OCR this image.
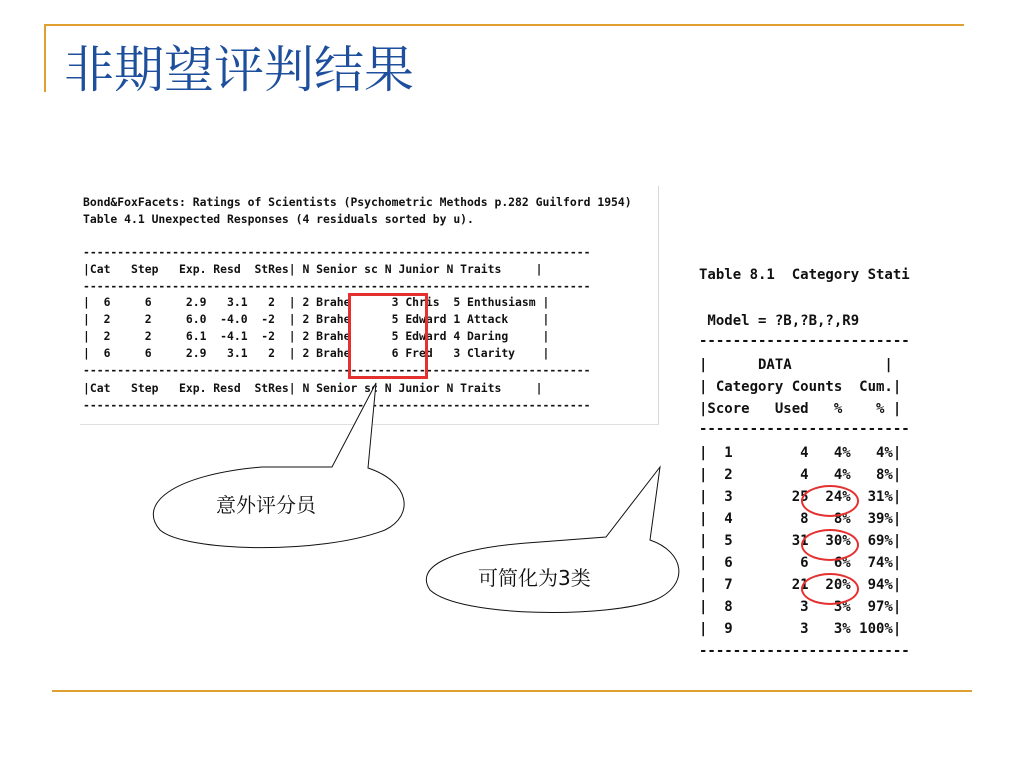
非期望评判结果
Bond&FoxFacets: Ratings of Scientists (Psychometric Methods p.282 Guilford 1954)
Table 4.1 Unexpected Responses (4 residuals sorted by u).
--------------------------------------------------------------------------
|Cat   Step   Exp. Resd  StRes| N Senior sc N Junior N Traits     |
--------------------------------------------------------------------------
|  6     6     2.9   3.1   2  | 2 Brahe      3 Chris  5 Enthusiasm |
|  2     2     6.0  -4.0  -2  | 2 Brahe      5 Edward 1 Attack     |
|  2     2     6.1  -4.1  -2  | 2 Brahe      5 Edward 4 Daring     |
|  6     6     2.9   3.1   2  | 2 Brahe      6 Fred   3 Clarity    |
--------------------------------------------------------------------------
|Cat   Step   Exp. Resd  StRes| N Senior sc N Junior N Traits     |
--------------------------------------------------------------------------
Table 8.1  Category Stati
Model = ?B,?B,?,R9
-------------------------
|      DATA           |
| Category Counts  Cum.|
|Score   Used   %    % |
-------------------------
|  1        4   4%   4%|
|  2        4   4%   8%|
|  3       25  24%  31%|
|  4        8   8%  39%|
|  5       31  30%  69%|
|  6        6   6%  74%|
|  7       21  20%  94%|
|  8        3   3%  97%|
|  9        3   3% 100%|
-------------------------
意外评分员
可简化为3类
